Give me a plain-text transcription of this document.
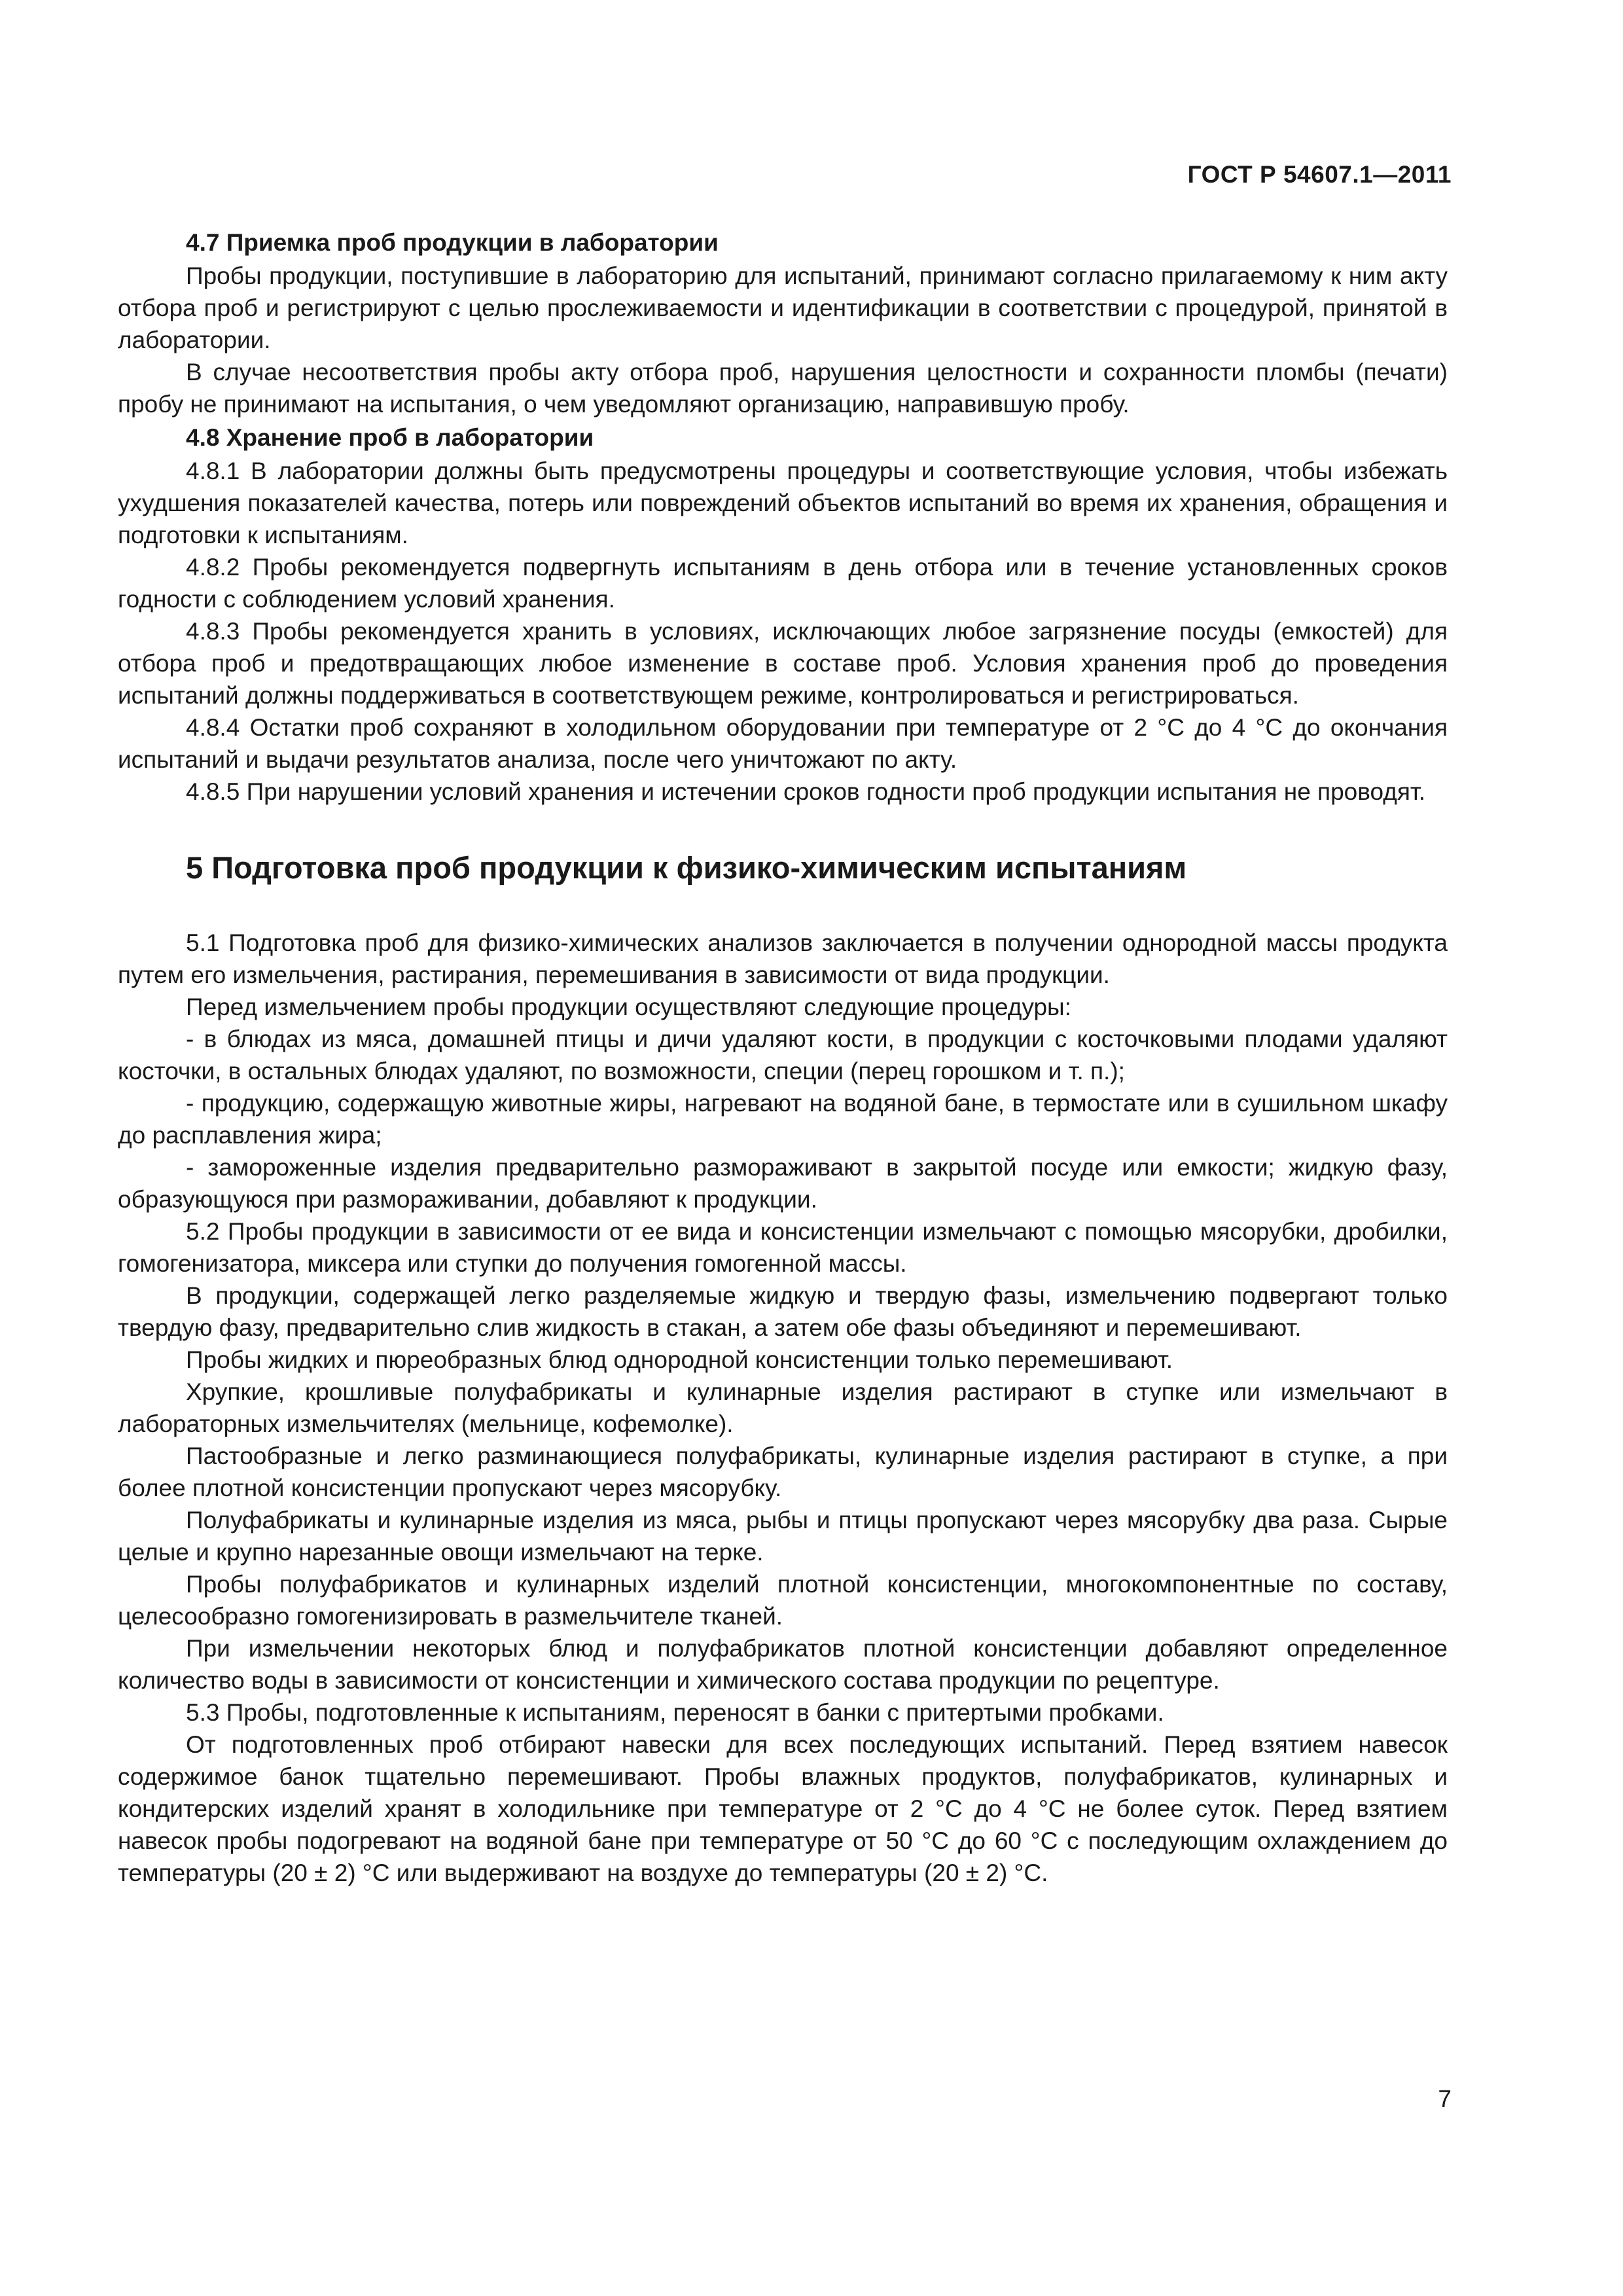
ГОСТ Р 54607.1—2011

4.7 Приемка проб продукции в лаборатории

Пробы продукции, поступившие в лабораторию для испытаний, принимают согласно прилагаемому к ним акту отбора проб и регистрируют с целью прослеживаемости и идентификации в соответствии с процедурой, принятой в лаборатории.

В случае несоответствия пробы акту отбора проб, нарушения целостности и сохранности пломбы (печати) пробу не принимают на испытания, о чем уведомляют организацию, направившую пробу.

4.8 Хранение проб в лаборатории

4.8.1 В лаборатории должны быть предусмотрены процедуры и соответствующие условия, чтобы избежать ухудшения показателей качества, потерь или повреждений объектов испытаний во время их хранения, обращения и подготовки к испытаниям.

4.8.2 Пробы рекомендуется подвергнуть испытаниям в день отбора или в течение установленных сроков годности с соблюдением условий хранения.

4.8.3 Пробы рекомендуется хранить в условиях, исключающих любое загрязнение посуды (емкостей) для отбора проб и предотвращающих любое изменение в составе проб. Условия хранения проб до проведения испытаний должны поддерживаться в соответствующем режиме, контролироваться и регистрироваться.

4.8.4 Остатки проб сохраняют в холодильном оборудовании при температуре от 2 °С до 4 °С до окончания испытаний и выдачи результатов анализа, после чего уничтожают по акту.

4.8.5 При нарушении условий хранения и истечении сроков годности проб продукции испытания не проводят.

5 Подготовка проб продукции к физико-химическим испытаниям

5.1 Подготовка проб для физико-химических анализов заключается в получении однородной массы продукта путем его измельчения, растирания, перемешивания в зависимости от вида продукции.

Перед измельчением пробы продукции осуществляют следующие процедуры:

- в блюдах из мяса, домашней птицы и дичи удаляют кости, в продукции с косточковыми плодами удаляют косточки, в остальных блюдах удаляют, по возможности, специи (перец горошком и т. п.);

- продукцию, содержащую животные жиры, нагревают на водяной бане, в термостате или в сушильном шкафу до расплавления жира;

- замороженные изделия предварительно размораживают в закрытой посуде или емкости; жидкую фазу, образующуюся при размораживании, добавляют к продукции.

5.2 Пробы продукции в зависимости от ее вида и консистенции измельчают с помощью мясорубки, дробилки, гомогенизатора, миксера или ступки до получения гомогенной массы.

В продукции, содержащей легко разделяемые жидкую и твердую фазы, измельчению подвергают только твердую фазу, предварительно слив жидкость в стакан, а затем обе фазы объединяют и перемешивают.

Пробы жидких и пюреобразных блюд однородной консистенции только перемешивают.

Хрупкие, крошливые полуфабрикаты и кулинарные изделия растирают в ступке или измельчают в лабораторных измельчителях (мельнице, кофемолке).

Пастообразные и легко разминающиеся полуфабрикаты, кулинарные изделия растирают в ступке, а при более плотной консистенции пропускают через мясорубку.

Полуфабрикаты и кулинарные изделия из мяса, рыбы и птицы пропускают через мясорубку два раза. Сырые целые и крупно нарезанные овощи измельчают на терке.

Пробы полуфабрикатов и кулинарных изделий плотной консистенции, многокомпонентные по составу, целесообразно гомогенизировать в размельчителе тканей.

При измельчении некоторых блюд и полуфабрикатов плотной консистенции добавляют определенное количество воды в зависимости от консистенции и химического состава продукции по рецептуре.

5.3 Пробы, подготовленные к испытаниям, переносят в банки с притертыми пробками.

От подготовленных проб отбирают навески для всех последующих испытаний. Перед взятием навесок содержимое банок тщательно перемешивают. Пробы влажных продуктов, полуфабрикатов, кулинарных и кондитерских изделий хранят в холодильнике при температуре от 2 °С до 4 °С не более суток. Перед взятием навесок пробы подогревают на водяной бане при температуре от 50 °С до 60 °С с последующим охлаждением до температуры (20 ± 2) °С или выдерживают на воздухе до температуры (20 ± 2) °С.

7
